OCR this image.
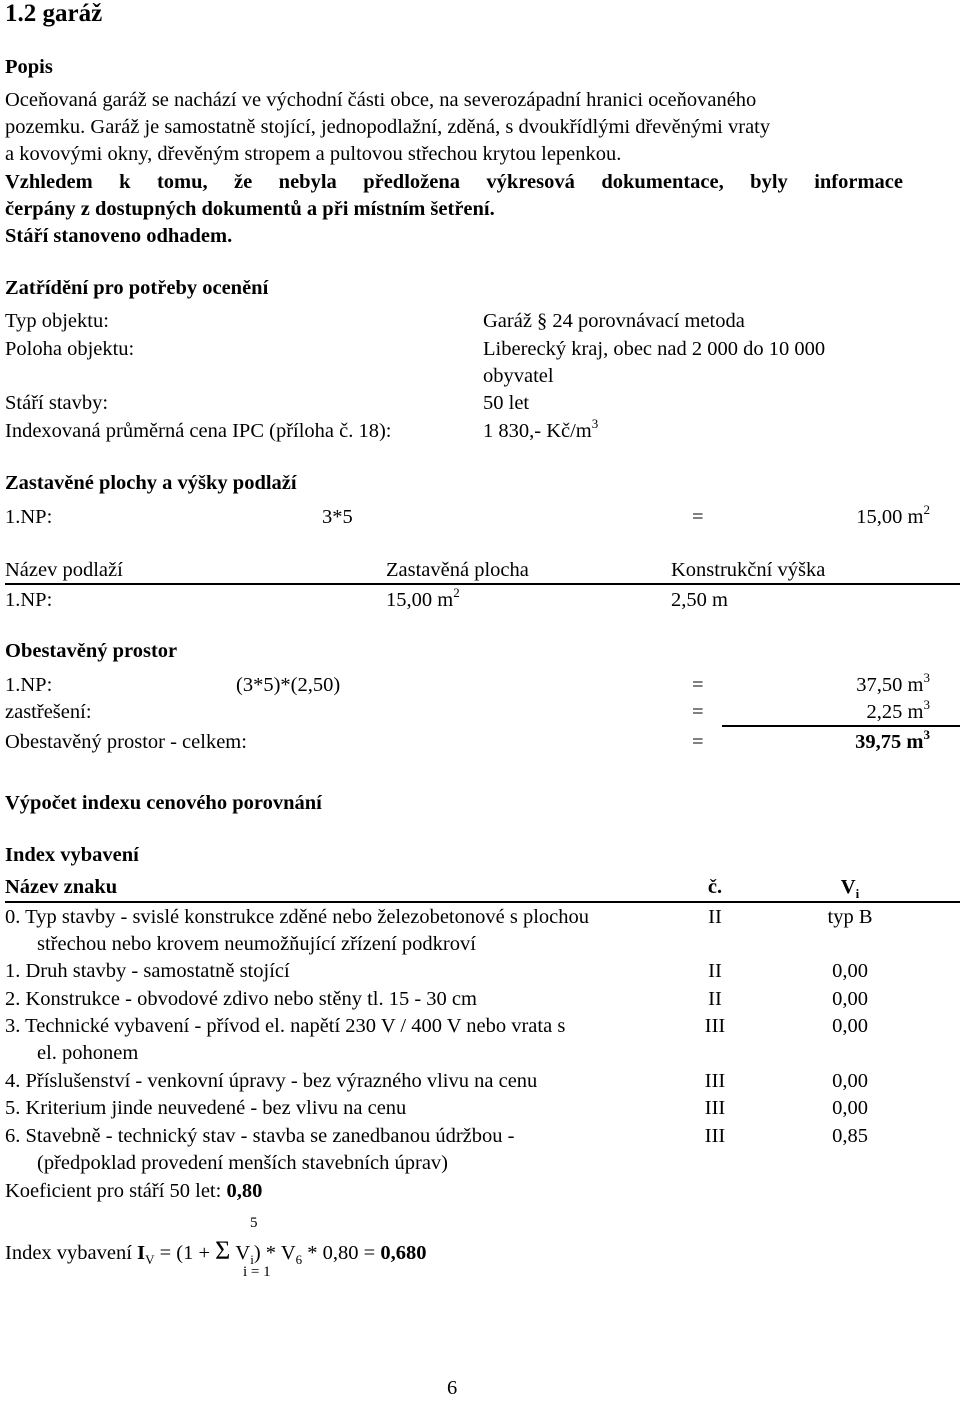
1.2 garáž
Popis
Oceňovaná garáž se nachází ve východní části obce, na severozápadní hranici oceňovaného
pozemku. Garáž je samostatně stojící, jednopodlažní, zděná, s dvoukřídlými dřevěnými vraty
a kovovými okny, dřevěným stropem a pultovou střechou krytou lepenkou.
Vzhledem k tomu, že nebyla předložena výkresová dokumentace, byly informace
čerpány z dostupných dokumentů a při místním šetření.
Stáří stanoveno odhadem.
Zatřídění pro potřeby ocenění
Typ objektu:	Garáž § 24 porovnávací metoda
Poloha objektu:	Liberecký kraj, obec nad 2 000 do 10 000
obyvatel
Stáří stavby:	50 let
Indexovaná průměrná cena IPC (příloha č. 18):	1 830,- $Kč/m^3$
Zastavěné plochy a výšky podlaží
1.NP:	3*5	=	15,00 $m^2$
Název podlaží	Zastavěná plocha	Konstrukční výška
1.NP:	15,00 $m^2$	2,50 m
Obestavěný prostor
1.NP:	(3*5)*(2,50)	=	37,50 $m^3$
zastřešení:	=	2,25 $m^3$
Obestavěný prostor - celkem:	=	39,75 $m^3$
Výpočet indexu cenového porovnání
Index vybavení
Název znaku	č.	$V_i$
0. Typ stavby - svislé konstrukce zděné nebo železobetonové s plochou
střechou nebo krovem neumožňující zřízení podkroví
II	typ B
1. Druh stavby - samostatně stojící	II	0,00
2. Konstrukce - obvodové zdivo nebo stěny tl. 15 - 30 cm	II	0,00
3. Technické vybavení - přívod el. napětí 230 V / 400 V nebo vrata s
el. pohonem
III	0,00
4. Příslušenství - venkovní úpravy - bez výrazného vlivu na cenu	III	0,00
5. Kriterium jinde neuvedené - bez vlivu na cenu	III	0,00
6. Stavebně - technický stav - stavba se zanedbanou údržbou -
(předpoklad provedení menších stavebních úprav)
III	0,85
Koeficient pro stáří 50 let: 0,80
5
Index vybavení $I_V = (1 + \Sigma$ $V_i) * V_6 * 0,80 = 0,680$
i = 1
6
